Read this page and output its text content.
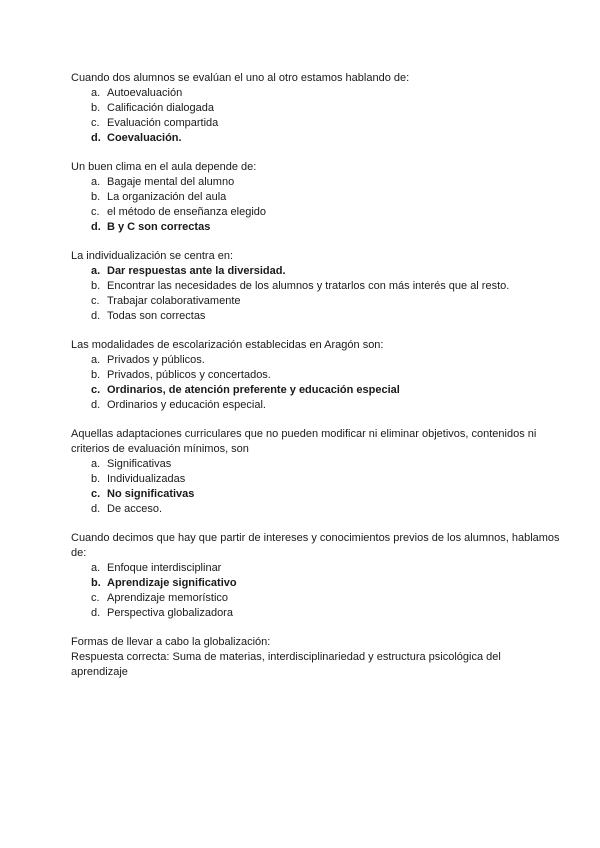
Cuando dos alumnos se evalúan el uno al otro estamos hablando de:

a. Autoevaluación
b. Calificación dialogada
c. Evaluación compartida
d. Coevaluación.

Un buen clima en el aula depende de:

a. Bagaje mental del alumno
b. La organización del aula
c. el método de enseñanza elegido
d. B y C son correctas

La individualización se centra en:

a. Dar respuestas ante la diversidad.
b. Encontrar las necesidades de los alumnos y tratarlos con más interés que al resto.
c. Trabajar colaborativamente
d. Todas son correctas

Las modalidades de escolarización establecidas en Aragón son:

a. Privados y públicos.
b. Privados, públicos y concertados.
c. Ordinarios, de atención preferente y educación especial
d. Ordinarios y educación especial.

Aquellas adaptaciones curriculares que no pueden modificar ni eliminar objetivos, contenidos ni criterios de evaluación mínimos, son

a. Significativas
b. Individualizadas
c. No significativas
d. De acceso.

Cuando decimos que hay que partir de intereses y conocimientos previos de los alumnos, hablamos de:

a. Enfoque interdisciplinar
b. Aprendizaje significativo
c. Aprendizaje memorístico
d. Perspectiva globalizadora

Formas de llevar a cabo la globalización:

Respuesta correcta: Suma de materias, interdisciplinariedad y estructura psicológica del aprendizaje
